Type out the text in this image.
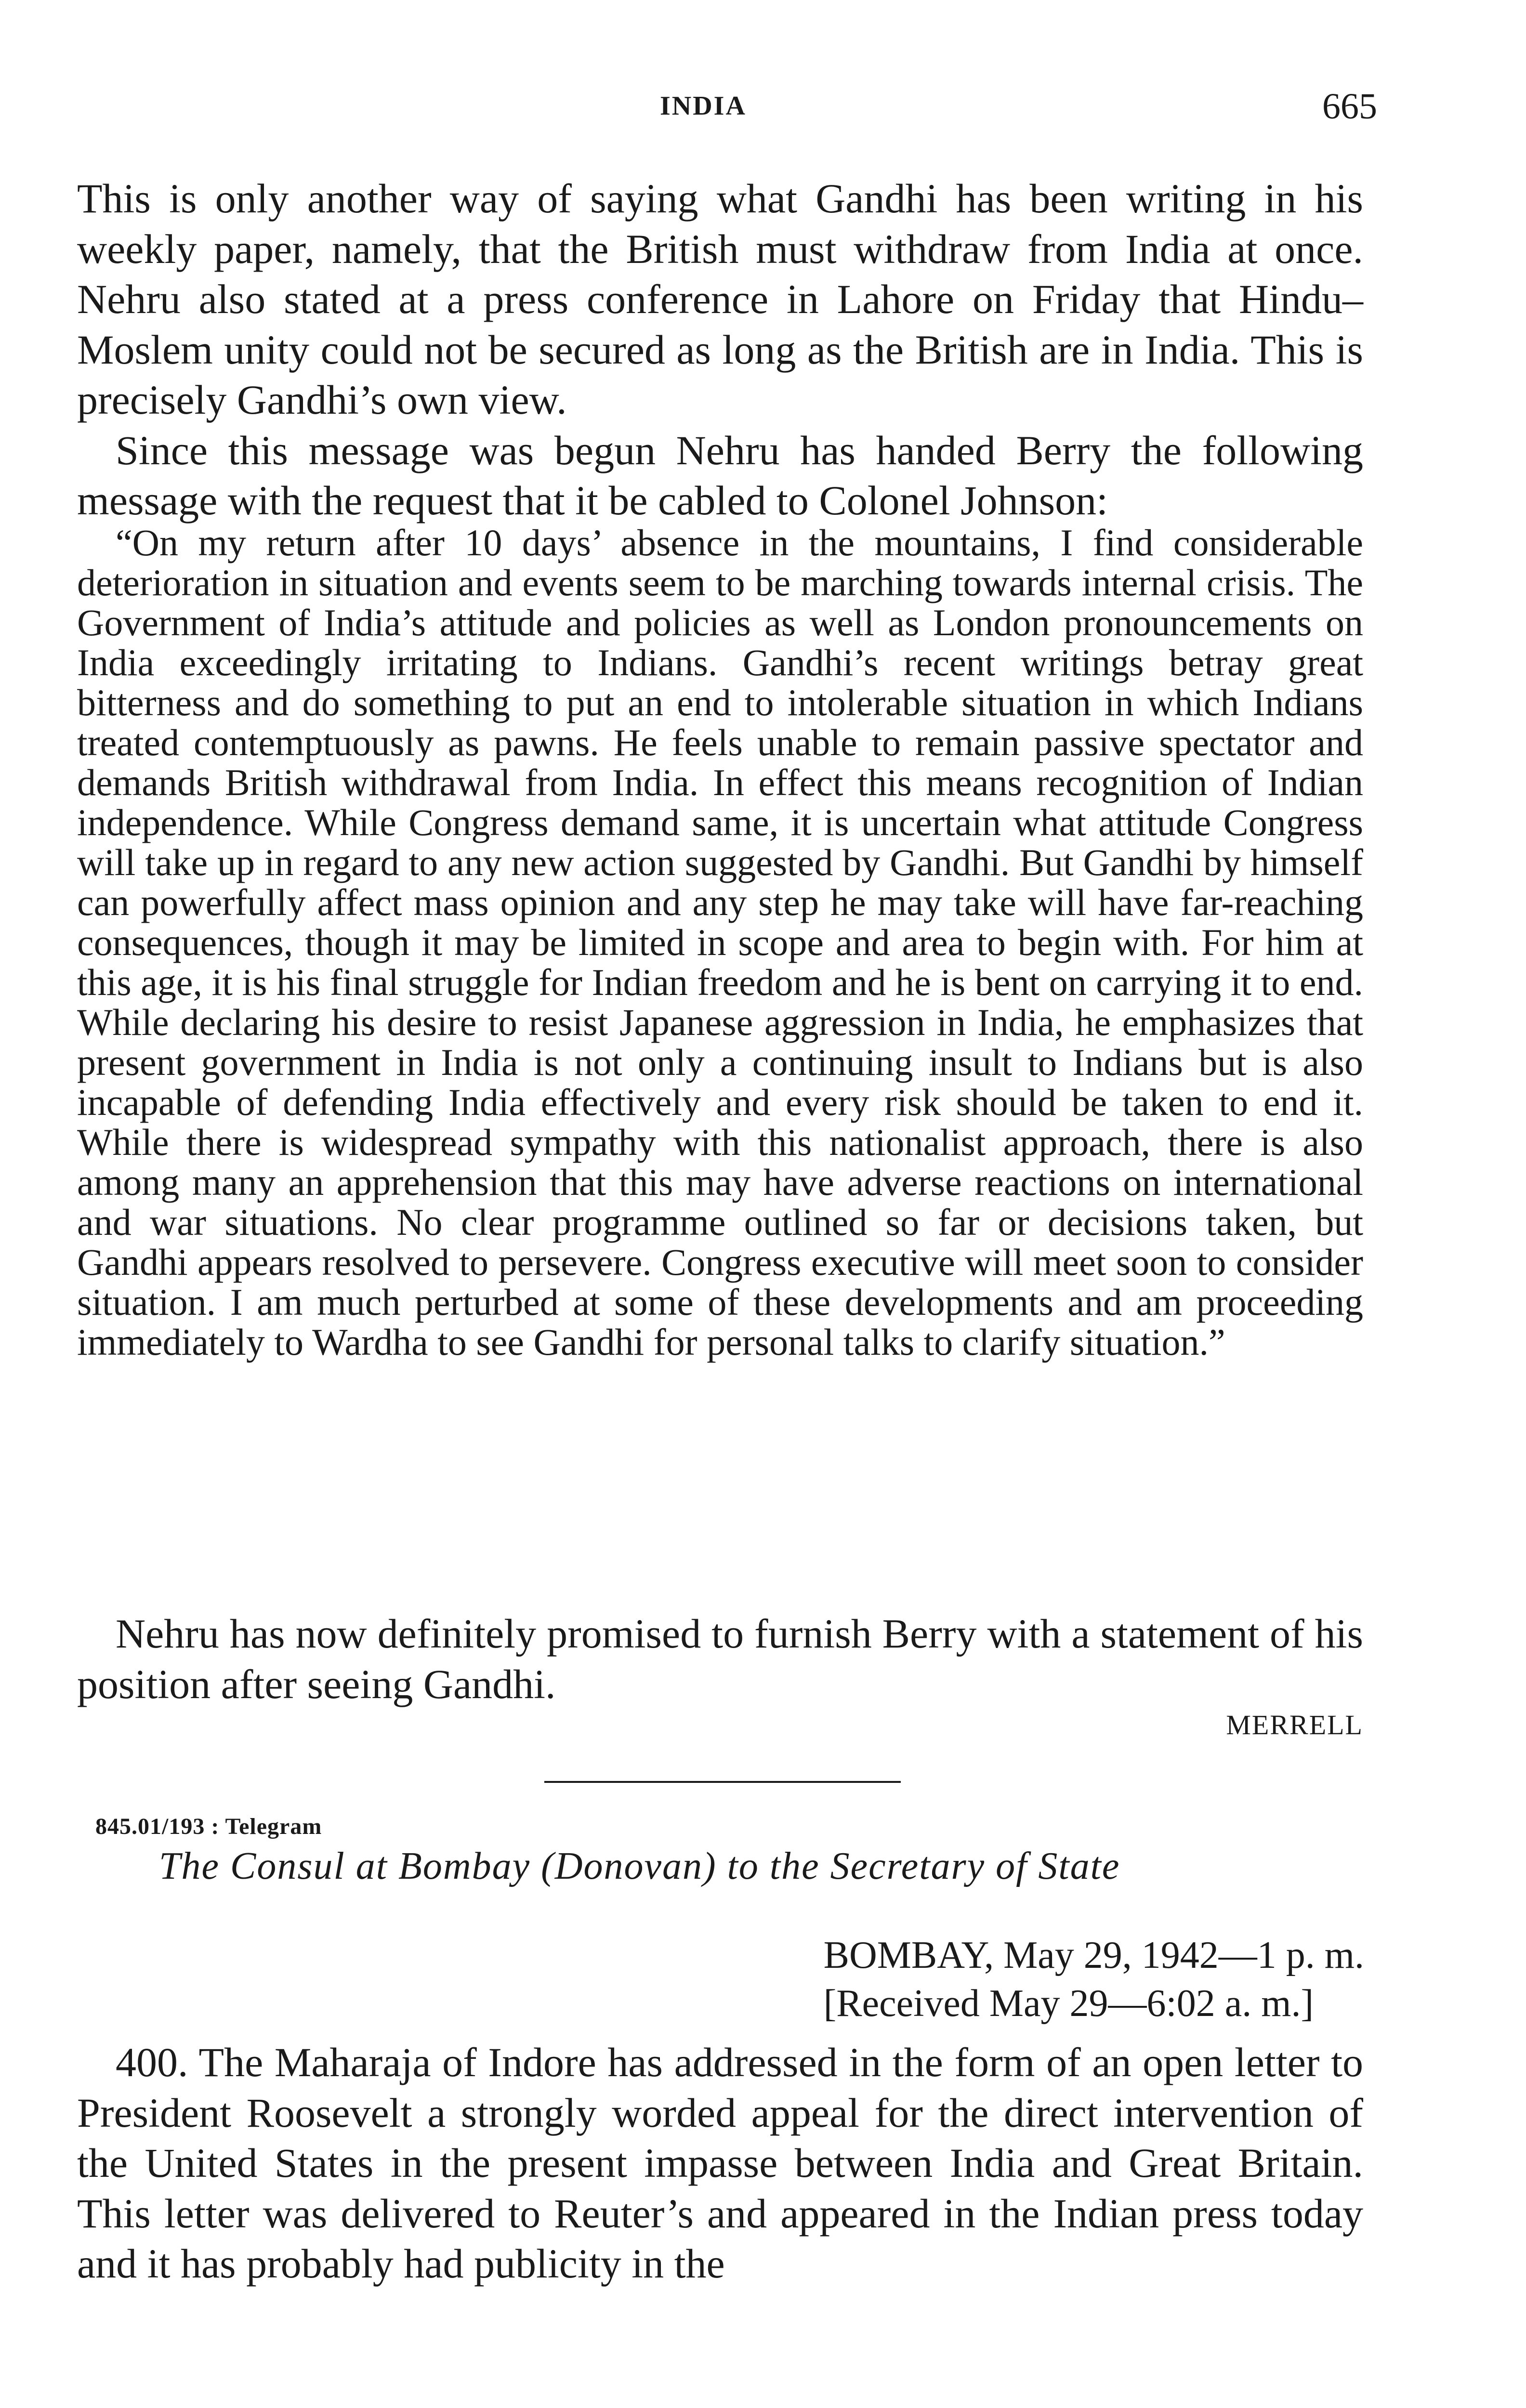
INDIA	665

This is only another way of saying what Gandhi has been writing in his weekly paper, namely, that the British must withdraw from India at once. Nehru also stated at a press conference in Lahore on Friday that Hindu–Moslem unity could not be secured as long as the British are in India. This is precisely Gandhi’s own view.

Since this message was begun Nehru has handed Berry the following message with the request that it be cabled to Colonel Johnson:

“On my return after 10 days’ absence in the mountains, I find considerable deterioration in situation and events seem to be marching towards internal crisis. The Government of India’s attitude and policies as well as London pronouncements on India exceedingly irritating to Indians. Gandhi’s recent writings betray great bitterness and do something to put an end to intolerable situation in which Indians treated contemptuously as pawns. He feels unable to remain passive spectator and demands British withdrawal from India. In effect this means recognition of Indian independence. While Congress demand same, it is uncertain what attitude Congress will take up in regard to any new action suggested by Gandhi. But Gandhi by himself can powerfully affect mass opinion and any step he may take will have far-reaching consequences, though it may be limited in scope and area to begin with. For him at this age, it is his final struggle for Indian freedom and he is bent on carrying it to end. While declaring his desire to resist Japanese aggression in India, he emphasizes that present government in India is not only a continuing insult to Indians but is also incapable of defending India effectively and every risk should be taken to end it. While there is widespread sympathy with this nationalist approach, there is also among many an apprehension that this may have adverse reactions on international and war situations. No clear programme outlined so far or decisions taken, but Gandhi appears resolved to persevere. Congress executive will meet soon to consider situation. I am much perturbed at some of these developments and am proceeding immediately to Wardha to see Gandhi for personal talks to clarify situation.”

Nehru has now definitely promised to furnish Berry with a statement of his position after seeing Gandhi.

MERRELL
845.01/193 : Telegram
The Consul at Bombay (Donovan) to the Secretary of State
BOMBAY, May 29, 1942—1 p. m.
[Received May 29—6:02 a. m.]

400. The Maharaja of Indore has addressed in the form of an open letter to President Roosevelt a strongly worded appeal for the direct intervention of the United States in the present impasse between India and Great Britain. This letter was delivered to Reuter’s and appeared in the Indian press today and it has probably had publicity in the
